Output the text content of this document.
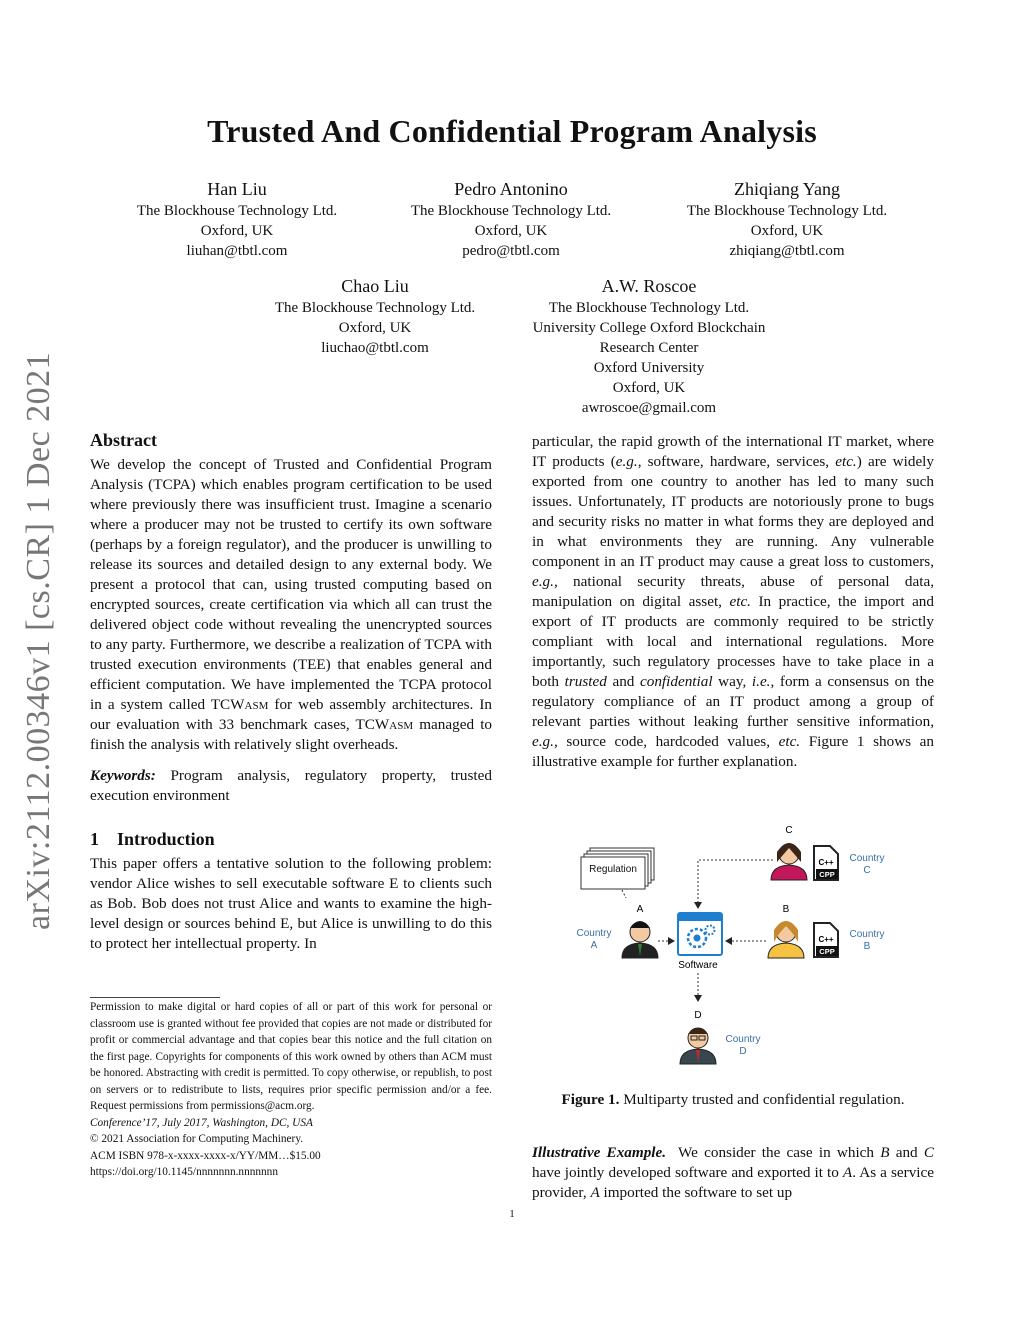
Trusted And Confidential Program Analysis
Han Liu
The Blockhouse Technology Ltd.
Oxford, UK
liuhan@tbtl.com
Pedro Antonino
The Blockhouse Technology Ltd.
Oxford, UK
pedro@tbtl.com
Zhiqiang Yang
The Blockhouse Technology Ltd.
Oxford, UK
zhiqiang@tbtl.com
Chao Liu
The Blockhouse Technology Ltd.
Oxford, UK
liuchao@tbtl.com
A.W. Roscoe
The Blockhouse Technology Ltd.
University College Oxford Blockchain
Research Center
Oxford University
Oxford, UK
awroscoe@gmail.com
arXiv:2112.00346v1 [cs.CR] 1 Dec 2021 Abstract

We develop the concept of Trusted and Confidential Program Analysis (TCPA) which enables program certification to be used where previously there was insufficient trust. Imagine a scenario where a producer may not be trusted to certify its own software (perhaps by a foreign regulator), and the producer is unwilling to release its sources and detailed design to any external body. We present a protocol that can, using trusted computing based on encrypted sources, create certification via which all can trust the delivered object code without revealing the unencrypted sources to any party. Furthermore, we describe a realization of TCPA with trusted execution environments (TEE) that enables general and efficient computation. We have implemented the TCPA protocol in a system called TCWasm for web assembly architectures. In our evaluation with 33 benchmark cases, TCWasm managed to finish the analysis with relatively slight overheads.

Keywords: Program analysis, regulatory property, trusted execution environment

1 Introduction

This paper offers a tentative solution to the following problem: vendor Alice wishes to sell executable software E to clients such as Bob. Bob does not trust Alice and wants to examine the high-level design or sources behind E, but Alice is unwilling to do this to protect her intellectual property. In

Permission to make digital or hard copies of all or part of this work for personal or classroom use is granted without fee provided that copies are not made or distributed for profit or commercial advantage and that copies bear this notice and the full citation on the first page. Copyrights for components of this work owned by others than ACM must be honored. Abstracting with credit is permitted. To copy otherwise, or republish, to post on servers or to redistribute to lists, requires prior specific permission and/or a fee. Request permissions from permissions@acm.org.
Conference’17, July 2017, Washington, DC, USA
© 2021 Association for Computing Machinery.
ACM ISBN 978-x-xxxx-xxxx-x/YY/MM…$15.00
https://doi.org/10.1145/nnnnnnn.nnnnnnn

particular, the rapid growth of the international IT market, where IT products (e.g., software, hardware, services, etc.) are widely exported from one country to another has led to many such issues. Unfortunately, IT products are notoriously prone to bugs and security risks no matter in what forms they are deployed and in what environments they are running. Any vulnerable component in an IT product may cause a great loss to customers, e.g., national security threats, abuse of personal data, manipulation on digital asset, etc. In practice, the import and export of IT products are commonly required to be strictly compliant with local and international regulations. More importantly, such regulatory processes have to take place in a both trusted and confidential way, i.e., form a consensus on the regulatory compliance of an IT product among a group of relevant parties without leaking further sensitive information, e.g., source code, hardcoded values, etc. Figure 1 shows an illustrative example for further explanation.

Regulation
C
C++
CPP
Country
C
Software
A
Country
A
B
C++
CPP
Country
B
D
Country
D
Figure 1. Multiparty trusted and confidential regulation.

Illustrative Example. We consider the case in which B and C have jointly developed software and exported it to A. As a service provider, A imported the software to set up

1
